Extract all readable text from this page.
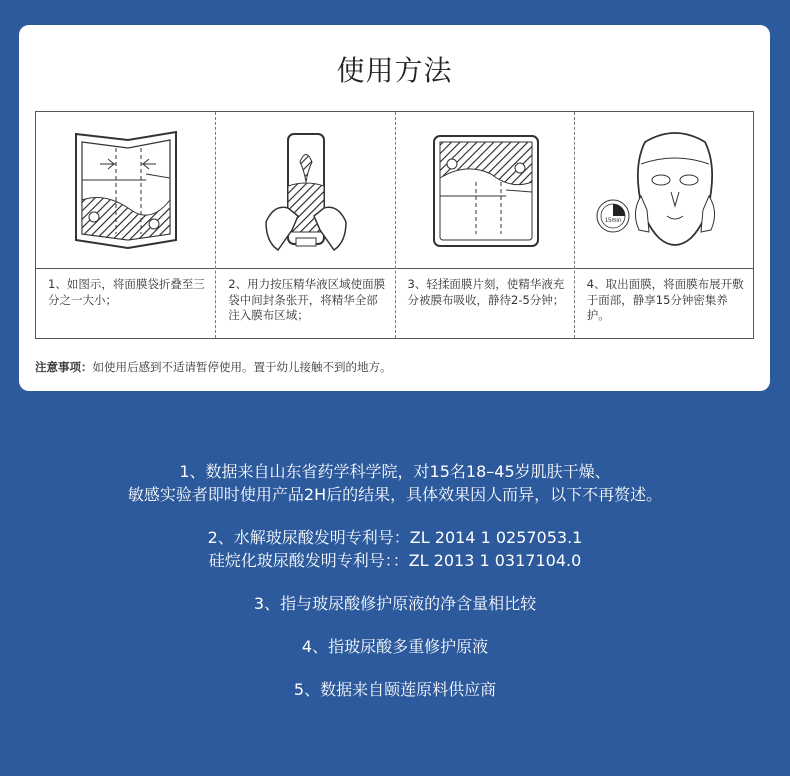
使用方法
1、如图示，将面膜袋折叠至三分之一大小；
2、用力按压精华液区域使面膜袋中间封条张开，将精华全部注入膜布区域；
3、轻揉面膜片刻，使精华液充分被膜布吸收，静待2-5分钟；
15min
4、取出面膜，将面膜布展开敷于面部，静享15分钟密集养护。
注意事项：如使用后感到不适请暂停使用。置于幼儿接触不到的地方。
1、数据来自山东省药学科学院，对15名18–45岁肌肤干燥、
敏感实验者即时使用产品2H后的结果，具体效果因人而异，以下不再赘述。
2、水解玻尿酸发明专利号：ZL 2014 1 0257053.1
硅烷化玻尿酸发明专利号：：ZL 2013 1 0317104.0
3、指与玻尿酸修护原液的净含量相比较
4、指玻尿酸多重修护原液
5、数据来自颐莲原料供应商
